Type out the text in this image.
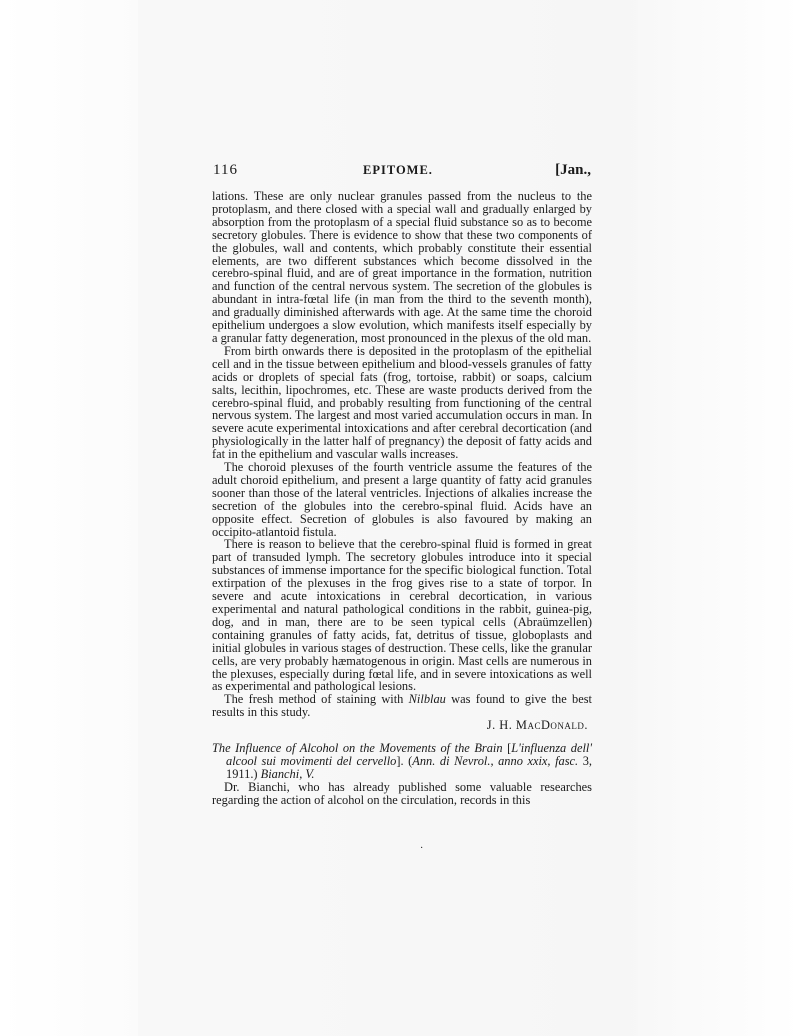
116	EPITOME.	[Jan.,

lations. These are only nuclear granules passed from the nucleus to the protoplasm, and there closed with a special wall and gradually enlarged by absorption from the protoplasm of a special fluid substance so as to become secretory globules. There is evidence to show that these two components of the globules, wall and contents, which probably constitute their essential elements, are two different substances which become dissolved in the cerebro-spinal fluid, and are of great importance in the formation, nutrition and function of the central nervous system. The secretion of the globules is abundant in intra-fœtal life (in man from the third to the seventh month), and gradually diminished afterwards with age. At the same time the choroid epithelium undergoes a slow evolution, which manifests itself especially by a granular fatty degeneration, most pronounced in the plexus of the old man.

From birth onwards there is deposited in the protoplasm of the epithelial cell and in the tissue between epithelium and blood-vessels granules of fatty acids or droplets of special fats (frog, tortoise, rabbit) or soaps, calcium salts, lecithin, lipochromes, etc. These are waste products derived from the cerebro-spinal fluid, and probably resulting from functioning of the central nervous system. The largest and most varied accumulation occurs in man. In severe acute experimental intoxications and after cerebral decortication (and physiologically in the latter half of pregnancy) the deposit of fatty acids and fat in the epithelium and vascular walls increases.

The choroid plexuses of the fourth ventricle assume the features of the adult choroid epithelium, and present a large quantity of fatty acid granules sooner than those of the lateral ventricles. Injections of alkalies increase the secretion of the globules into the cerebro-spinal fluid. Acids have an opposite effect. Secretion of globules is also favoured by making an occipito-atlantoid fistula.

There is reason to believe that the cerebro-spinal fluid is formed in great part of transuded lymph. The secretory globules introduce into it special substances of immense importance for the specific biological function. Total extirpation of the plexuses in the frog gives rise to a state of torpor. In severe and acute intoxications in cerebral decortication, in various experimental and natural pathological conditions in the rabbit, guinea-pig, dog, and in man, there are to be seen typical cells (Abraümzellen) containing granules of fatty acids, fat, detritus of tissue, globoplasts and initial globules in various stages of destruction. These cells, like the granular cells, are very probably hæmatogenous in origin. Mast cells are numerous in the plexuses, especially during fœtal life, and in severe intoxications as well as experimental and pathological lesions.

The fresh method of staining with Nilblau was found to give the best results in this study.

J. H. MacDonald.

The Influence of Alcohol on the Movements of the Brain [L'influenza dell' alcool sui movimenti del cervello]. (Ann. di Nevrol., anno xxix, fasc. 3, 1911.) Bianchi, V.

Dr. Bianchi, who has already published some valuable researches regarding the action of alcohol on the circulation, records in this

·
